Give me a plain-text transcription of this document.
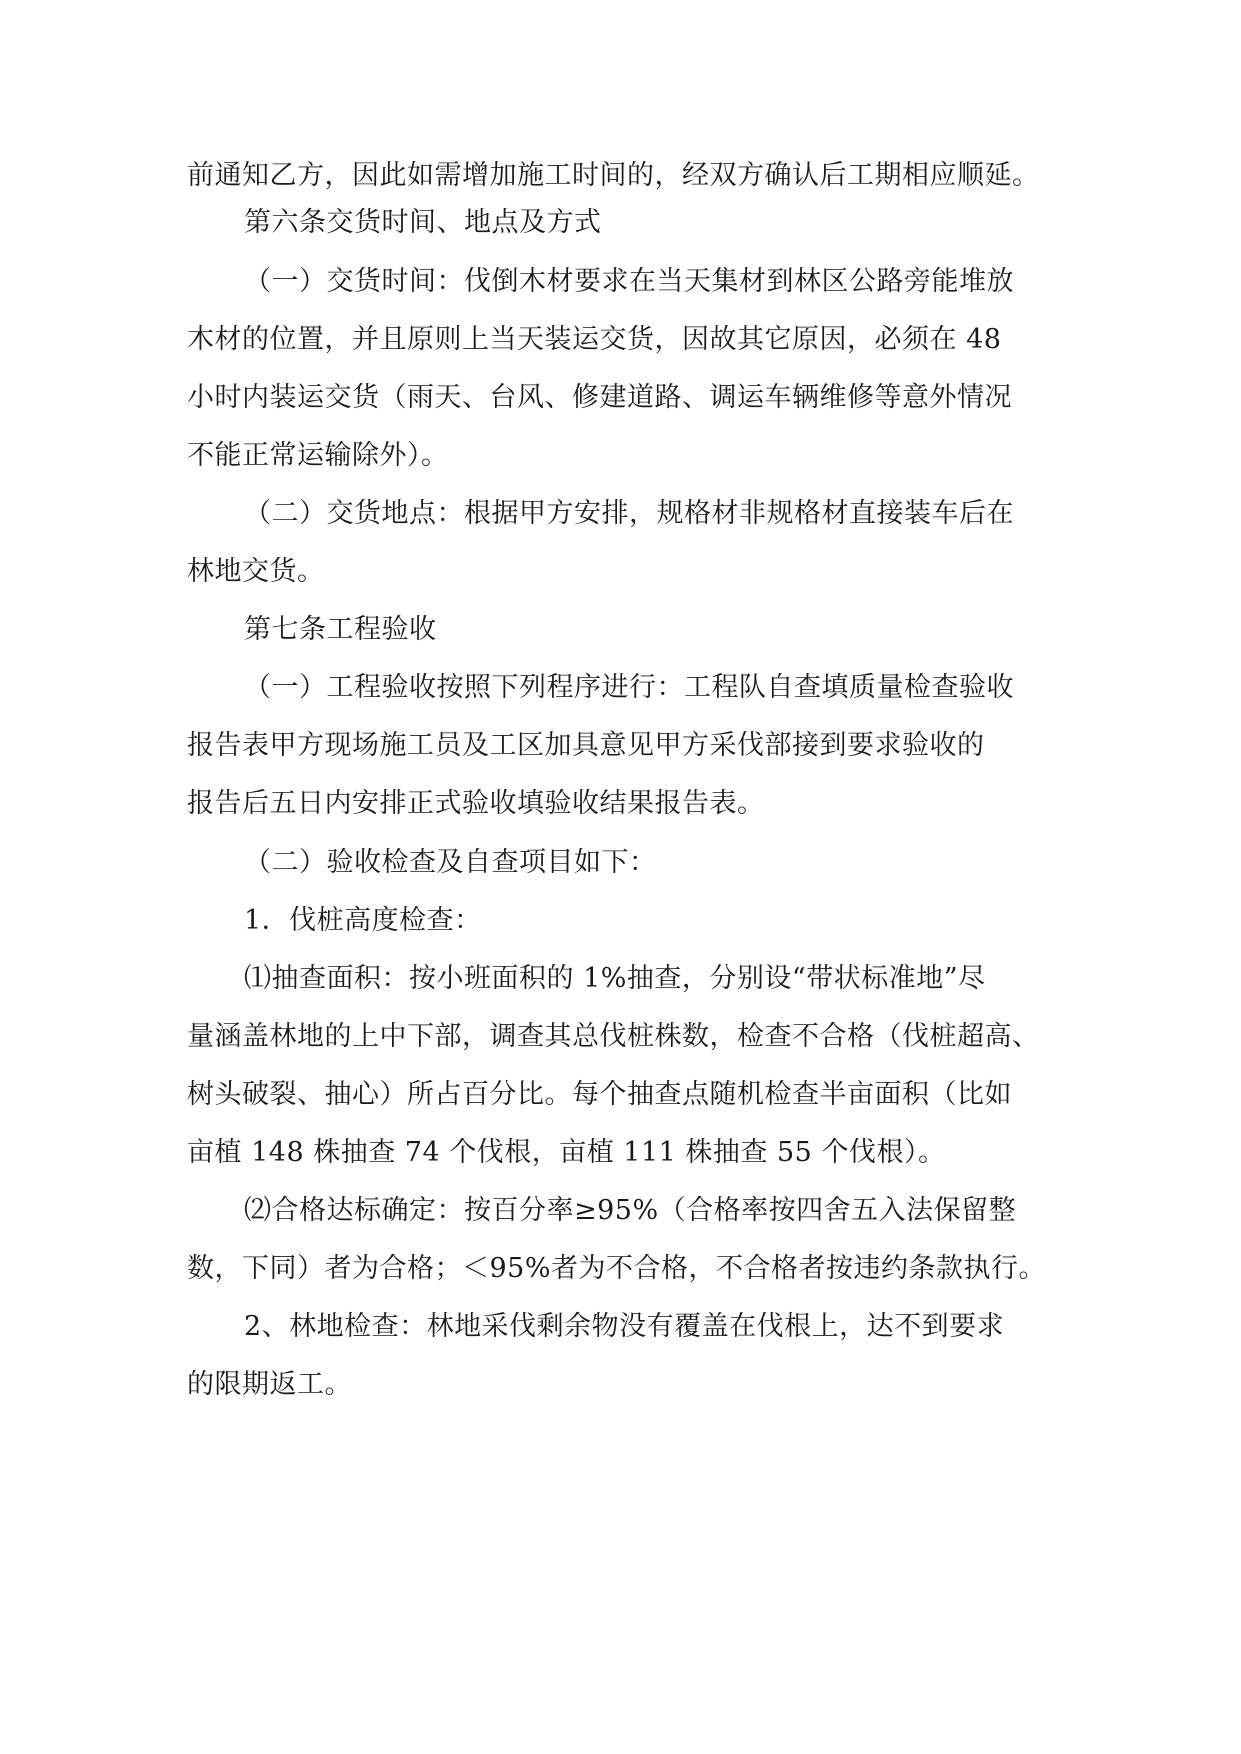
前通知乙方，因此如需增加施工时间的，经双方确认后工期相应顺延。
第六条交货时间、地点及方式
（一）交货时间：伐倒木材要求在当天集材到林区公路旁能堆放
木材的位置，并且原则上当天装运交货，因故其它原因，必须在 48
小时内装运交货（雨天、台风、修建道路、调运车辆维修等意外情况
不能正常运输除外）。
（二）交货地点：根据甲方安排，规格材非规格材直接装车后在
林地交货。
第七条工程验收
（一）工程验收按照下列程序进行：工程队自查填质量检查验收
报告表甲方现场施工员及工区加具意见甲方采伐部接到要求验收的
报告后五日内安排正式验收填验收结果报告表。
（二）验收检查及自查项目如下：
1．伐桩高度检查：
⑴抽查面积：按小班面积的 1%抽查，分别设“带状标准地”尽
量涵盖林地的上中下部，调查其总伐桩株数，检查不合格（伐桩超高、
树头破裂、抽心）所占百分比。每个抽查点随机检查半亩面积（比如
亩植 148 株抽查 74 个伐根，亩植 111 株抽查 55 个伐根）。
⑵合格达标确定：按百分率≥95%（合格率按四舍五入法保留整
数，下同）者为合格；＜95%者为不合格，不合格者按违约条款执行。
2、林地检查：林地采伐剩余物没有覆盖在伐根上，达不到要求
的限期返工。
